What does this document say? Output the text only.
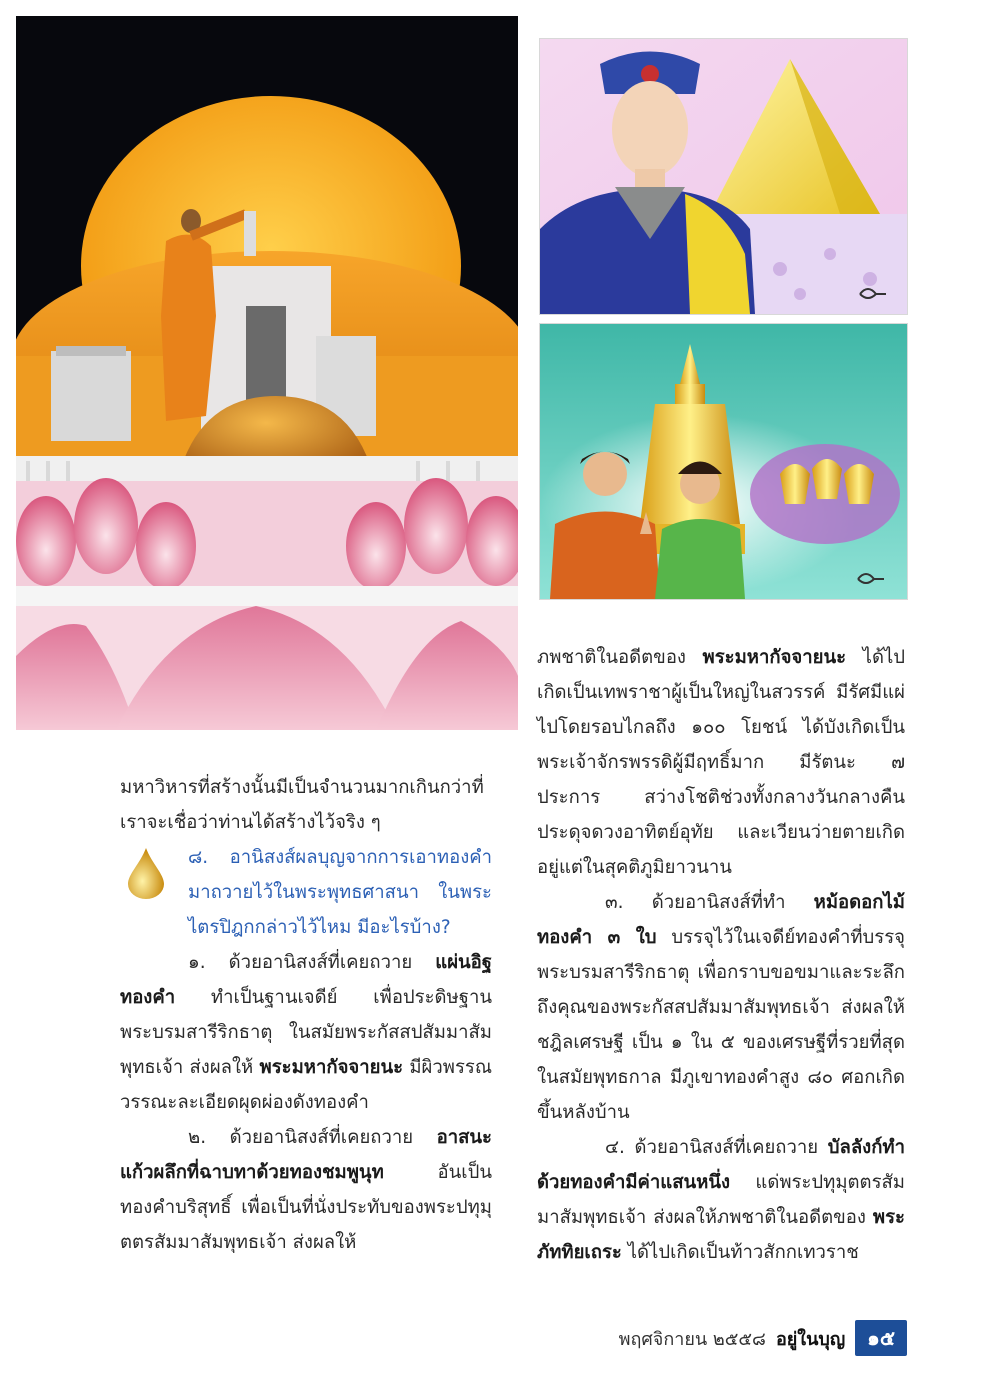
มหาวิหารที่สร้างนั้นมีเป็นจำนวนมากเกินกว่าที่

เราจะเชื่อว่าท่านได้สร้างไว้จริง ๆ

๘. อานิสงส์ผลบุญจากการเอาทองคำมาถวายไว้ในพระพุทธศาสนา ในพระไตรปิฎกกล่าวไว้ไหม มีอะไรบ้าง?

๑. ด้วยอานิสงส์ที่เคยถวาย แผ่นอิฐทองคำ ทำเป็นฐานเจดีย์ เพื่อประดิษฐานพระบรมสารีริกธาตุ ในสมัยพระกัสสปสัมมาสัมพุทธเจ้า ส่งผลให้ พระมหากัจจายนะ มีผิวพรรณวรรณะละเอียดผุดผ่องดังทองคำ

๒. ด้วยอานิสงส์ที่เคยถวาย อาสนะแก้วผลึกที่ฉาบทาด้วยทองชมพูนุท อันเป็นทองคำบริสุทธิ์ เพื่อเป็นที่นั่งประทับของพระปทุมุตตรสัมมาสัมพุทธเจ้า ส่งผลให้

ภพชาติในอดีตของ พระมหากัจจายนะ ได้ไปเกิดเป็นเทพราชาผู้เป็นใหญ่ในสวรรค์ มีรัศมีแผ่ไปโดยรอบไกลถึง ๑๐๐ โยชน์ ได้บังเกิดเป็นพระเจ้าจักรพรรดิผู้มีฤทธิ์มาก มีรัตนะ ๗ ประการ สว่างโชติช่วงทั้งกลางวันกลางคืน ประดุจดวงอาทิตย์อุทัย และเวียนว่ายตายเกิดอยู่แต่ในสุคติภูมิยาวนาน

๓. ด้วยอานิสงส์ที่ทำ หม้อดอกไม้ทองคำ ๓ ใบ บรรจุไว้ในเจดีย์ทองคำที่บรรจุพระบรมสารีริกธาตุ เพื่อกราบขอขมาและระลึกถึงคุณของพระกัสสปสัมมาสัมพุทธเจ้า ส่งผลให้ชฎิลเศรษฐี เป็น ๑ ใน ๕ ของเศรษฐีที่รวยที่สุดในสมัยพุทธกาล มีภูเขาทองคำสูง ๘๐ ศอกเกิดขึ้นหลังบ้าน

๔. ด้วยอานิสงส์ที่เคยถวาย บัลลังก์ทำด้วยทองคำมีค่าแสนหนึ่ง แด่พระปทุมุตตรสัมมาสัมพุทธเจ้า ส่งผลให้ภพชาติในอดีตของ พระภัททิยเถระ ได้ไปเกิดเป็นท้าวสักกเทวราช

พฤศจิกายน ๒๕๕๘ อยู่ในบุญ	๑๕
